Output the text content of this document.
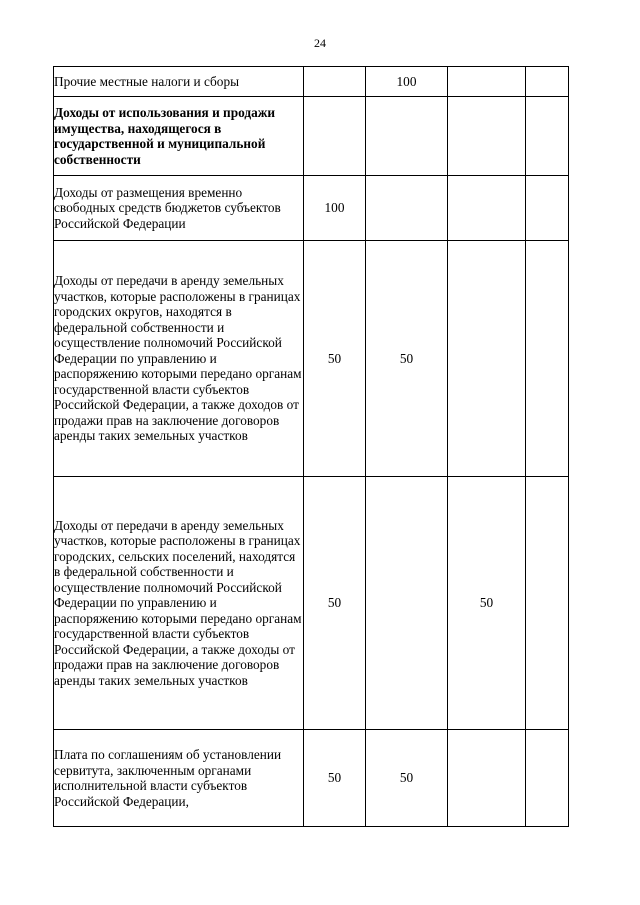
24
Прочие местные налоги и сборы		100		
Доходы от использования и продажи имущества, находящегося в государственной и муниципальной собственности				
Доходы от размещения временно свободных средств бюджетов субъектов Российской Федерации	100			
Доходы от передачи в аренду земельных участков, которые расположены в границах городских округов, находятся в федеральной собственности и осуществление полномочий Российской Федерации по управлению и распоряжению которыми передано органам государственной власти субъектов Российской Федерации, а также доходов от продажи прав на заключение договоров аренды таких земельных участков	50	50		
Доходы от передачи в аренду земельных участков, которые расположены в границах городских, сельских поселений, находятся в федеральной собственности и осуществление полномочий Российской Федерации по управлению и распоряжению которыми передано органам государственной власти субъектов Российской Федерации, а также доходы от продажи прав на заключение договоров аренды таких земельных участков	50		50	
Плата по соглашениям об установлении сервитута, заключенным органами исполнительной власти субъектов Российской Федерации,	50	50		
